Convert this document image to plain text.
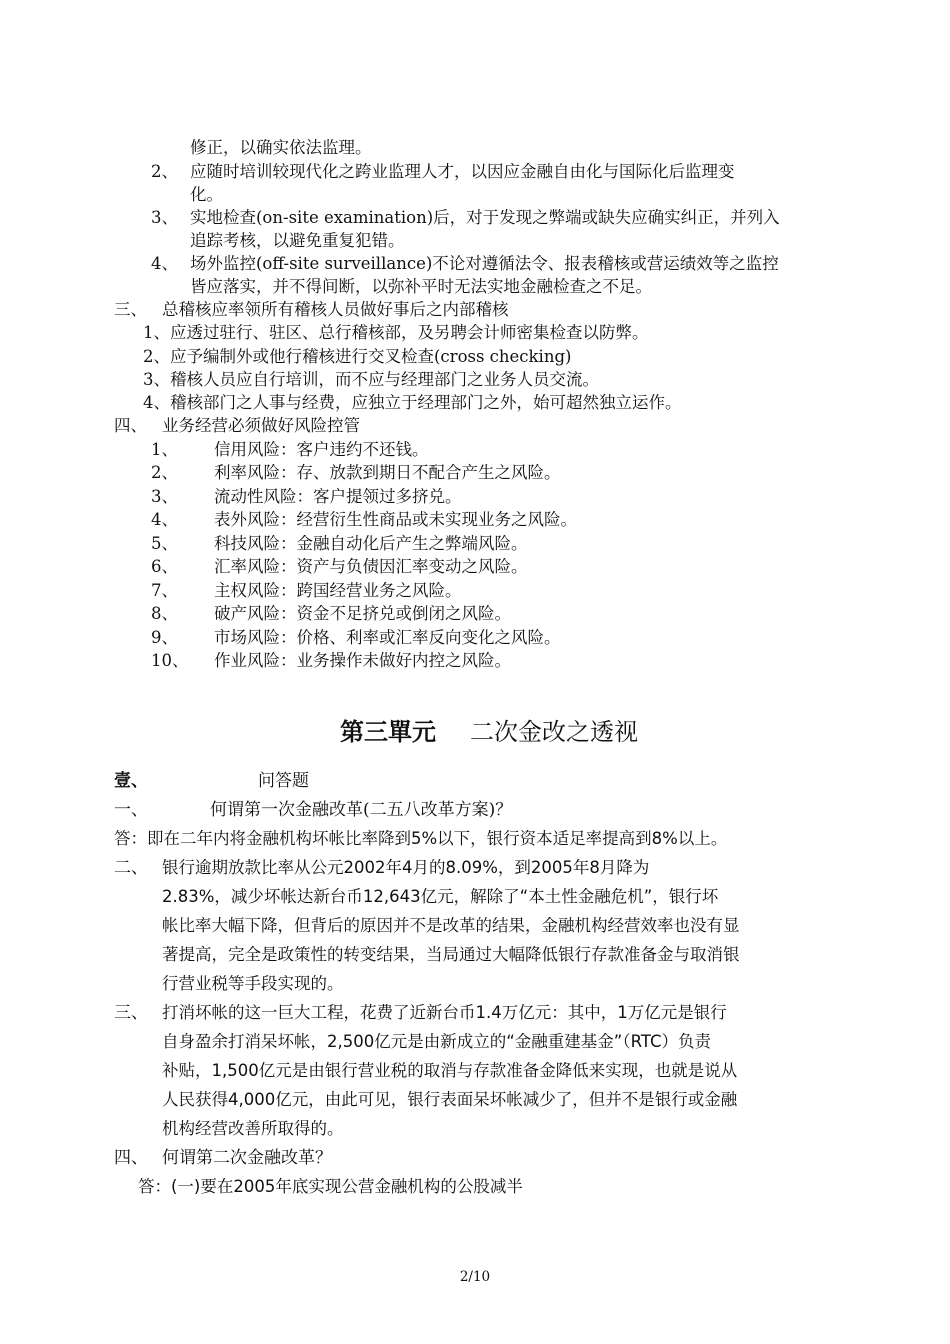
修正，以确实依法监理。
2、 应随时培训较现代化之跨业监理人才，以因应金融自由化与国际化后监理变
化。
3、 实地检查(on-site examination)后，对于发现之弊端或缺失应确实纠正，并列入
追踪考核，以避免重复犯错。
4、 场外监控(off-site surveillance)不论对遵循法令、报表稽核或营运绩效等之监控
皆应落实，并不得间断，以弥补平时无法实地金融检查之不足。
三、 总稽核应率领所有稽核人员做好事后之内部稽核
1、应透过驻行、驻区、总行稽核部，及另聘会计师密集检查以防弊。
2、应予编制外或他行稽核进行交叉检查(cross checking)
3、稽核人员应自行培训，而不应与经理部门之业务人员交流。
4、稽核部门之人事与经费，应独立于经理部门之外，始可超然独立运作。
四、 业务经营必须做好风险控管
1、 信用风险：客户违约不还钱。
2、 利率风险：存、放款到期日不配合产生之风险。
3、 流动性风险：客户提领过多挤兑。
4、 表外风险：经营衍生性商品或未实现业务之风险。
5、 科技风险：金融自动化后产生之弊端风险。
6、 汇率风险：资产与负债因汇率变动之风险。
7、 主权风险：跨国经营业务之风险。
8、 破产风险：资金不足挤兑或倒闭之风险。
9、 市场风险：价格、利率或汇率反向变化之风险。
10、 作业风险：业务操作未做好内控之风险。
第三單元 二次金改之透视
壹、	问答题
一、	何谓第一次金融改革(二五八改革方案)？
答：即在二年内将金融机构坏帐比率降到5%以下，银行资本适足率提高到8%以上。
二、 银行逾期放款比率从公元2002年4月的8.09%，到2005年8月降为
2.83%，减少坏帐达新台币12,643亿元，解除了“本土性金融危机”，银行坏
帐比率大幅下降，但背后的原因并不是改革的结果，金融机构经营效率也没有显
著提高，完全是政策性的转变结果，当局通过大幅降低银行存款准备金与取消银
行营业税等手段实现的。
三、 打消坏帐的这一巨大工程，花费了近新台币1.4万亿元：其中，1万亿元是银行
自身盈余打消呆坏帐，2,500亿元是由新成立的“金融重建基金”（RTC）负责
补贴，1,500亿元是由银行营业税的取消与存款准备金降低来实现，也就是说从
人民获得4,000亿元，由此可见，银行表面呆坏帐减少了，但并不是银行或金融
机构经营改善所取得的。
四、 何谓第二次金融改革？
答：(一)要在2005年底实现公营金融机构的公股减半
2/10
